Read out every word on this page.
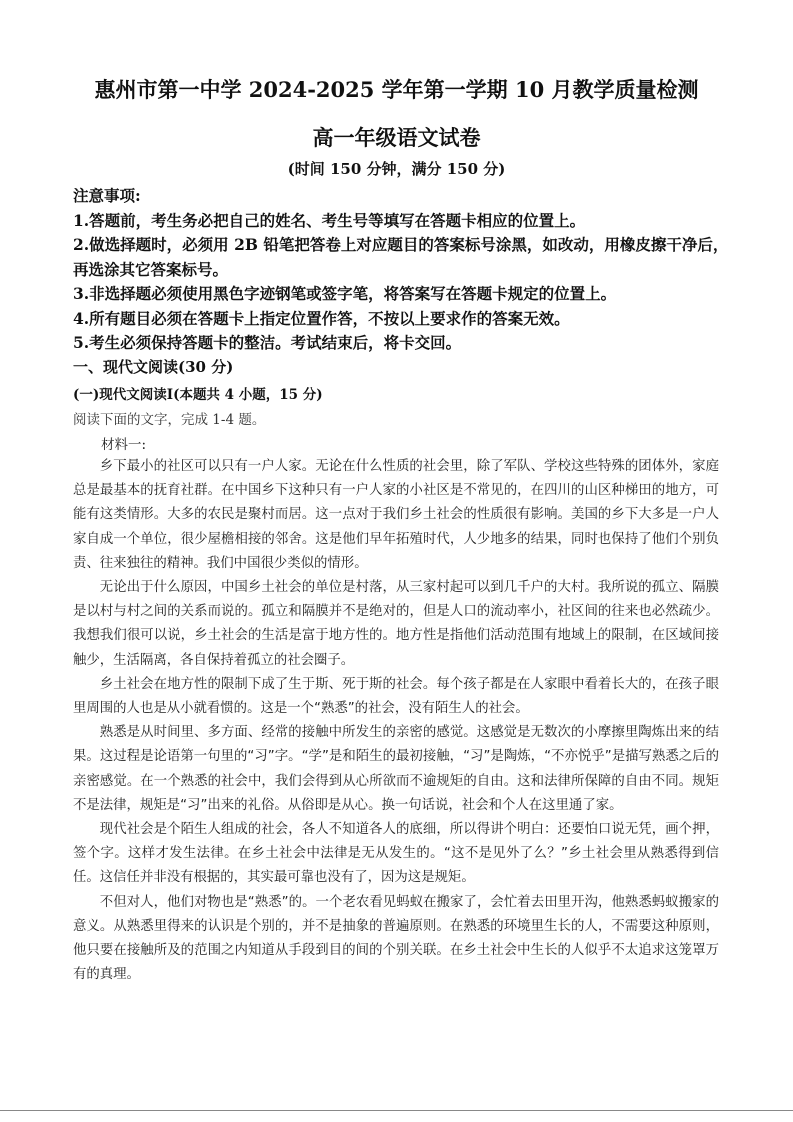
惠州市第一中学 2024-2025 学年第一学期 10 月教学质量检测
高一年级语文试卷
(时间 150 分钟，满分 150 分)
注意事项:
1.答题前，考生务必把自己的姓名、考生号等填写在答题卡相应的位置上。
2.做选择题时，必须用 2B 铅笔把答卷上对应题目的答案标号涂黑，如改动，用橡皮擦干净后，再选涂其它答案标号。
3.非选择题必须使用黑色字迹钢笔或签字笔，将答案写在答题卡规定的位置上。
4.所有题目必须在答题卡上指定位置作答，不按以上要求作的答案无效。
5.考生必须保持答题卡的整洁。考试结束后，将卡交回。
一、现代文阅读(30 分)
(一)现代文阅读Ⅰ(本题共 4 小题，15 分)
阅读下面的文字，完成 1-4 题。
材料一:

乡下最小的社区可以只有一户人家。无论在什么性质的社会里，除了军队、学校这些特殊的团体外，家庭总是最基本的抚育社群。在中国乡下这种只有一户人家的小社区是不常见的，在四川的山区种梯田的地方，可能有这类情形。大多的农民是聚村而居。这一点对于我们乡土社会的性质很有影响。美国的乡下大多是一户人家自成一个单位，很少屋檐相接的邻舍。这是他们早年拓殖时代，人少地多的结果，同时也保持了他们个别负责、往来独往的精神。我们中国很少类似的情形。

无论出于什么原因，中国乡土社会的单位是村落，从三家村起可以到几千户的大村。我所说的孤立、隔膜是以村与村之间的关系而说的。孤立和隔膜并不是绝对的，但是人口的流动率小，社区间的往来也必然疏少。我想我们很可以说，乡土社会的生活是富于地方性的。地方性是指他们活动范围有地域上的限制，在区域间接触少，生活隔离，各自保持着孤立的社会圈子。

乡土社会在地方性的限制下成了生于斯、死于斯的社会。每个孩子都是在人家眼中看着长大的，在孩子眼里周围的人也是从小就看惯的。这是一个“熟悉”的社会，没有陌生人的社会。

熟悉是从时间里、多方面、经常的接触中所发生的亲密的感觉。这感觉是无数次的小摩擦里陶炼出来的结果。这过程是论语第一句里的“习”字。“学”是和陌生的最初接触，“习”是陶炼，“不亦悦乎”是描写熟悉之后的亲密感觉。在一个熟悉的社会中，我们会得到从心所欲而不逾规矩的自由。这和法律所保障的自由不同。规矩不是法律，规矩是“习”出来的礼俗。从俗即是从心。换一句话说，社会和个人在这里通了家。

现代社会是个陌生人组成的社会，各人不知道各人的底细，所以得讲个明白：还要怕口说无凭，画个押，签个字。这样才发生法律。在乡土社会中法律是无从发生的。“这不是见外了么？”乡土社会里从熟悉得到信任。这信任并非没有根据的，其实最可靠也没有了，因为这是规矩。

不但对人，他们对物也是“熟悉”的。一个老农看见蚂蚁在搬家了，会忙着去田里开沟，他熟悉蚂蚁搬家的意义。从熟悉里得来的认识是个别的，并不是抽象的普遍原则。在熟悉的环境里生长的人，不需要这种原则，他只要在接触所及的范围之内知道从手段到目的间的个别关联。在乡土社会中生长的人似乎不太追求这笼罩万有的真理。
